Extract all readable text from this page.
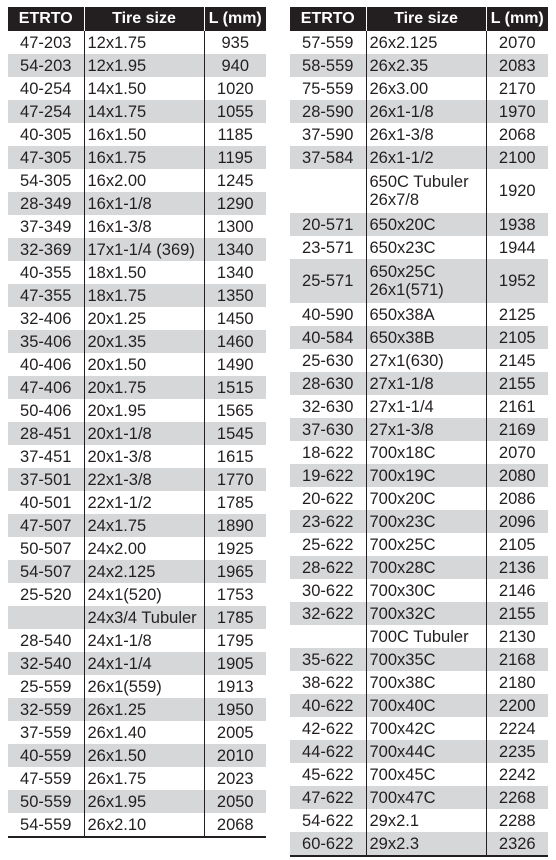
ETRTO	Tire size	L (mm)
47-203	12x1.75	935
54-203	12x1.95	940
40-254	14x1.50	1020
47-254	14x1.75	1055
40-305	16x1.50	1185
47-305	16x1.75	1195
54-305	16x2.00	1245
28-349	16x1-1/8	1290
37-349	16x1-3/8	1300
32-369	17x1-1/4 (369)	1340
40-355	18x1.50	1340
47-355	18x1.75	1350
32-406	20x1.25	1450
35-406	20x1.35	1460
40-406	20x1.50	1490
47-406	20x1.75	1515
50-406	20x1.95	1565
28-451	20x1-1/8	1545
37-451	20x1-3/8	1615
37-501	22x1-3/8	1770
40-501	22x1-1/2	1785
47-507	24x1.75	1890
50-507	24x2.00	1925
54-507	24x2.125	1965
25-520	24x1(520)	1753
	24x3/4 Tubuler	1785
28-540	24x1-1/8	1795
32-540	24x1-1/4	1905
25-559	26x1(559)	1913
32-559	26x1.25	1950
37-559	26x1.40	2005
40-559	26x1.50	2010
47-559	26x1.75	2023
50-559	26x1.95	2050
54-559	26x2.10	2068
ETRTO	Tire size	L (mm)
57-559	26x2.125	2070
58-559	26x2.35	2083
75-559	26x3.00	2170
28-590	26x1-1/8	1970
37-590	26x1-3/8	2068
37-584	26x1-1/2	2100
	650C Tubuler 26x7/8	1920
20-571	650x20C	1938
23-571	650x23C	1944
25-571	650x25C 26x1(571)	1952
40-590	650x38A	2125
40-584	650x38B	2105
25-630	27x1(630)	2145
28-630	27x1-1/8	2155
32-630	27x1-1/4	2161
37-630	27x1-3/8	2169
18-622	700x18C	2070
19-622	700x19C	2080
20-622	700x20C	2086
23-622	700x23C	2096
25-622	700x25C	2105
28-622	700x28C	2136
30-622	700x30C	2146
32-622	700x32C	2155
	700C Tubuler	2130
35-622	700x35C	2168
38-622	700x38C	2180
40-622	700x40C	2200
42-622	700x42C	2224
44-622	700x44C	2235
45-622	700x45C	2242
47-622	700x47C	2268
54-622	29x2.1	2288
60-622	29x2.3	2326
